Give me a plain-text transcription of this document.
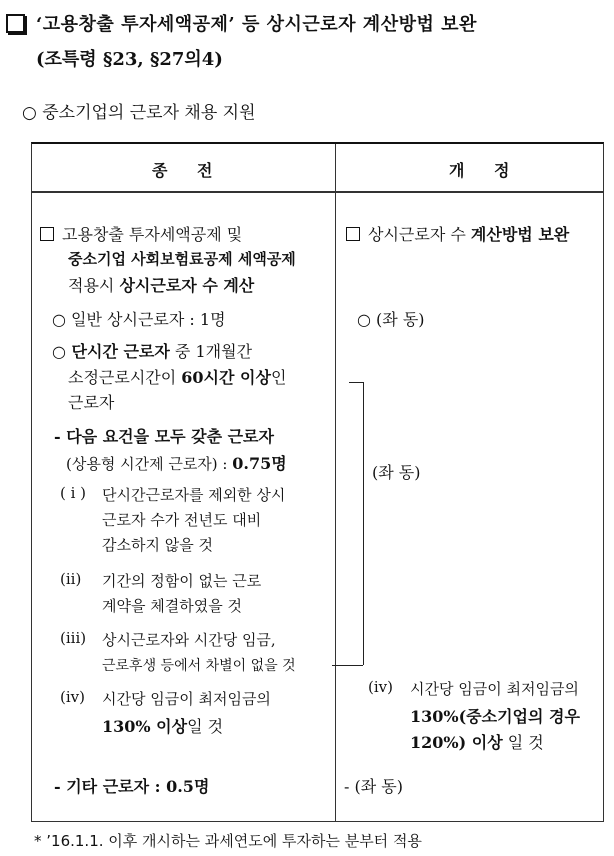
‘고용창출 투자세액공제’ 등 상시근로자 계산방법 보완
(조특령 §23, §27의4)
○ 중소기업의 근로자 채용 지원
종 전	개 정
고용창출 투자세액공제 및
중소기업 사회보험료공제 세액공제
적용시 상시근로자 수 계산
○ 일반 상시근로자 : 1명
○ 단시간 근로자 중 1개월간
소정근로시간이 60시간 이상인
근로자
- 다음 요건을 모두 갖춘 근로자
(상용형 시간제 근로자) : 0.75명
( i ) 단시간근로자를 제외한 상시
근로자 수가 전년도 대비
감소하지 않을 것
(ii) 기간의 정함이 없는 근로
계약을 체결하였을 것
(iii) 상시근로자와 시간당 임금,
근로후생 등에서 차별이 없을 것
(iv) 시간당 임금이 최저임금의
130% 이상일 것
- 기타 근로자 : 0.5명
상시근로자 수 계산방법 보완
○ (좌 동)
(좌 동)
(iv) 시간당 임금이 최저임금의
130%(중소기업의 경우
120%) 이상 일 것
- (좌 동)
* ’16.1.1. 이후 개시하는 과세연도에 투자하는 분부터 적용
